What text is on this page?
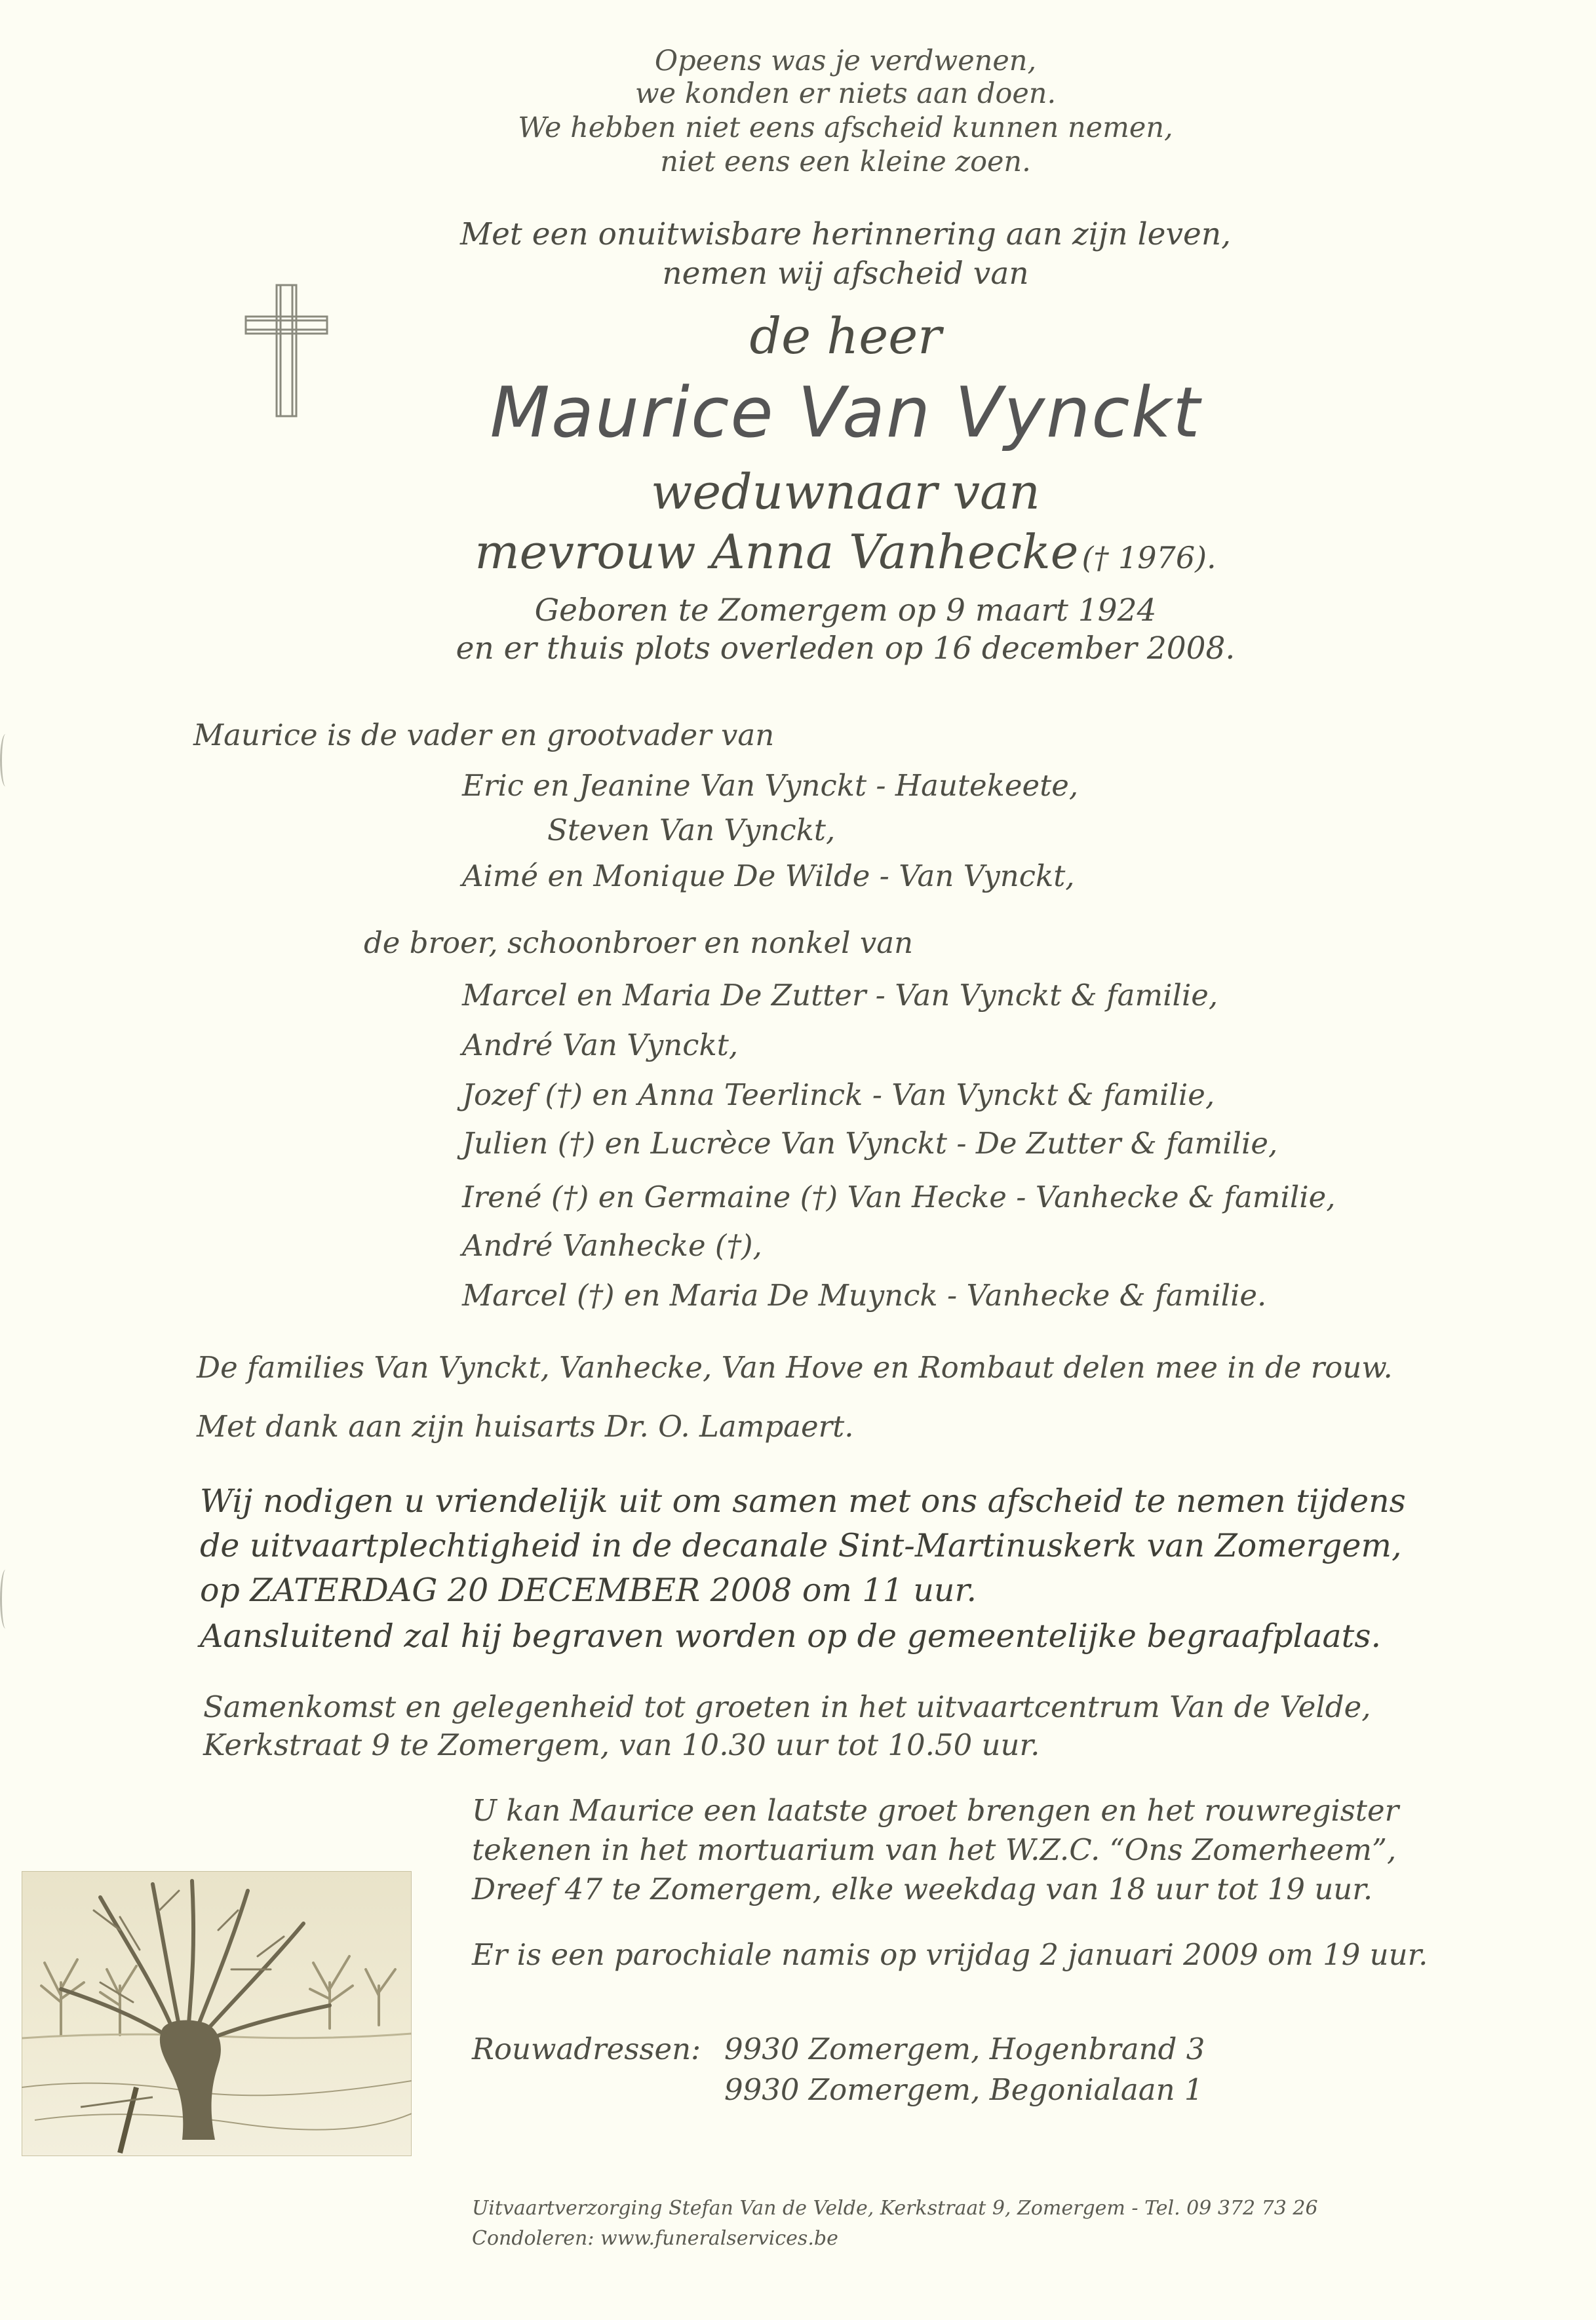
Opeens was je verdwenen,
we konden er niets aan doen.
We hebben niet eens afscheid kunnen nemen,
niet eens een kleine zoen.
Met een onuitwisbare herinnering aan zijn leven,
nemen wij afscheid van
de heer
Maurice Van Vynckt
weduwnaar van
mevrouw Anna Vanhecke († 1976).
Geboren te Zomergem op 9 maart 1924
en er thuis plots overleden op 16 december 2008.
Maurice is de vader en grootvader van
Eric en Jeanine Van Vynckt - Hautekeete,
Steven Van Vynckt,
Aimé en Monique De Wilde - Van Vynckt,
de broer, schoonbroer en nonkel van
Marcel en Maria De Zutter - Van Vynckt & familie,
André Van Vynckt,
Jozef (†) en Anna Teerlinck - Van Vynckt & familie,
Julien (†) en Lucrèce Van Vynckt - De Zutter & familie,
Irené (†) en Germaine (†) Van Hecke - Vanhecke & familie,
André Vanhecke (†),
Marcel (†) en Maria De Muynck - Vanhecke & familie.
De families Van Vynckt, Vanhecke, Van Hove en Rombaut delen mee in de rouw.
Met dank aan zijn huisarts Dr. O. Lampaert.
Wij nodigen u vriendelijk uit om samen met ons afscheid te nemen tijdens
de uitvaartplechtigheid in de decanale Sint-Martinuskerk van Zomergem,
op ZATERDAG 20 DECEMBER 2008 om 11 uur.
Aansluitend zal hij begraven worden op de gemeentelijke begraafplaats.
Samenkomst en gelegenheid tot groeten in het uitvaartcentrum Van de Velde,
Kerkstraat 9 te Zomergem, van 10.30 uur tot 10.50 uur.
U kan Maurice een laatste groet brengen en het rouwregister
tekenen in het mortuarium van het W.Z.C. “Ons Zomerheem”,
Dreef 47 te Zomergem, elke weekdag van 18 uur tot 19 uur.
Er is een parochiale namis op vrijdag 2 januari 2009 om 19 uur.
Rouwadressen: 9930 Zomergem, Hogenbrand 3
9930 Zomergem, Begonialaan 1
Uitvaartverzorging Stefan Van de Velde, Kerkstraat 9, Zomergem - Tel. 09 372 73 26
Condoleren: www.funeralservices.be
